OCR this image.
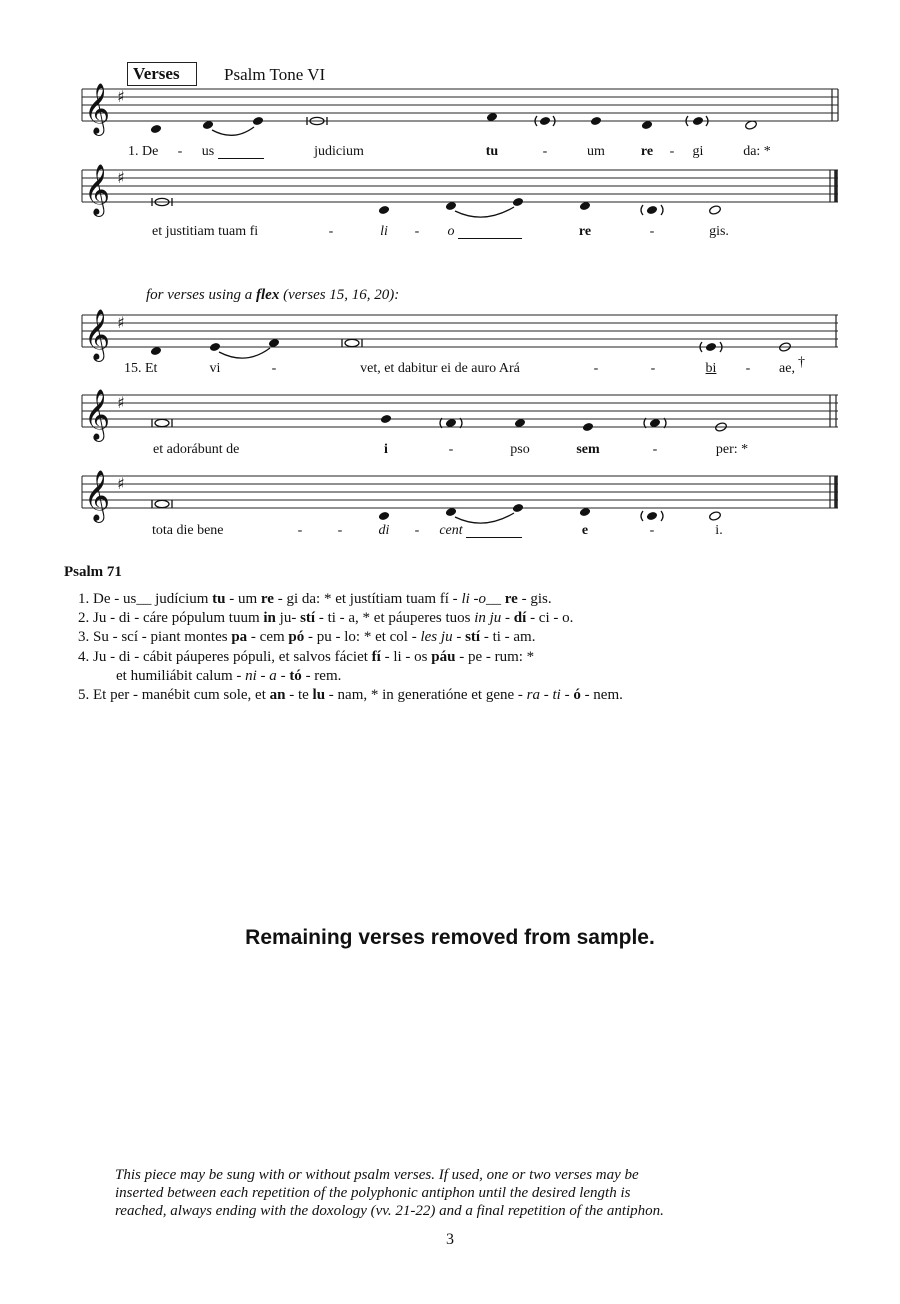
Verses	Psalm Tone VI
𝄞 ♯
1. De - us	judicium	tu	-	um	re - gi	da: *
𝄞 ♯
et justitiam tuam fi	-	li - o	re	-	gis.
for verses using a flex (verses 15, 16, 20):
𝄞 ♯
15. Et	vi	-	vet, et dabitur ei de auro Ará	-	-	bi - ae, †
𝄞 ♯
et adorábunt de	i	-	pso	sem	-	per: *
𝄞 ♯
tota die bene	-	-	di - cent	e	-	i.
Psalm 71
1. De - us__ judícium tu - um re - gi da: * et justítiam tuam fí - li -o__ re - gis.
2. Ju - di - cáre pópulum tuum in ju- stí - ti - a, * et páuperes tuos in ju - dí - ci - o.
3. Su - scí - piant montes pa - cem pó - pu - lo: * et col - les ju - stí - ti - am.
4. Ju - di - cábit páuperes pópuli, et salvos fáciet fí - li - os páu - pe - rum: *
et humiliábit calum - ni - a - tó - rem.
5. Et per - manébit cum sole, et an - te lu - nam, * in generatióne et gene - ra - ti - ó - nem.
Remaining verses removed from sample.
This piece may be sung with or without psalm verses. If used, one or two verses may be
inserted between each repetition of the polyphonic antiphon until the desired length is
reached, always ending with the doxology (vv. 21-22) and a final repetition of the antiphon.
3
